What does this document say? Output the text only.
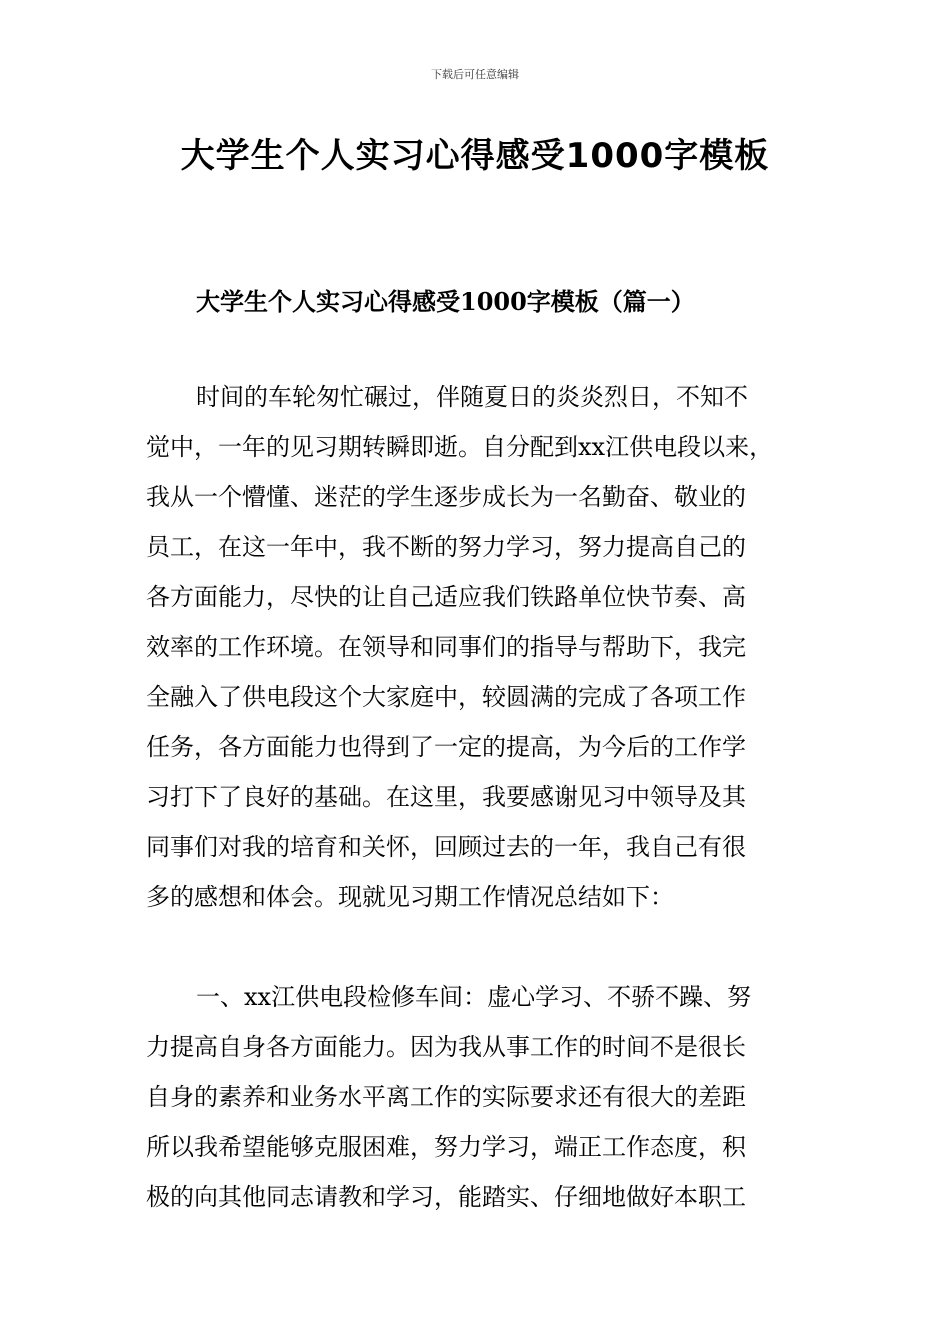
下载后可任意编辑
大学生个人实习心得感受1000字模板
大学生个人实习心得感受1000字模板（篇一）
时间的车轮匆忙碾过，伴随夏日的炎炎烈日，不知不
觉中，一年的见习期转瞬即逝。自分配到xx江供电段以来，
我从一个懵懂、迷茫的学生逐步成长为一名勤奋、敬业的
员工，在这一年中，我不断的努力学习，努力提高自己的
各方面能力，尽快的让自己适应我们铁路单位快节奏、高
效率的工作环境。在领导和同事们的指导与帮助下，我完
全融入了供电段这个大家庭中，较圆满的完成了各项工作
任务，各方面能力也得到了一定的提高，为今后的工作学
习打下了良好的基础。在这里，我要感谢见习中领导及其
同事们对我的培育和关怀，回顾过去的一年，我自己有很
多的感想和体会。现就见习期工作情况总结如下：
一、xx江供电段检修车间：虚心学习、不骄不躁、努
力提高自身各方面能力。因为我从事工作的时间不是很长
自身的素养和业务水平离工作的实际要求还有很大的差距
所以我希望能够克服困难，努力学习，端正工作态度，积
极的向其他同志请教和学习，能踏实、仔细地做好本职工
